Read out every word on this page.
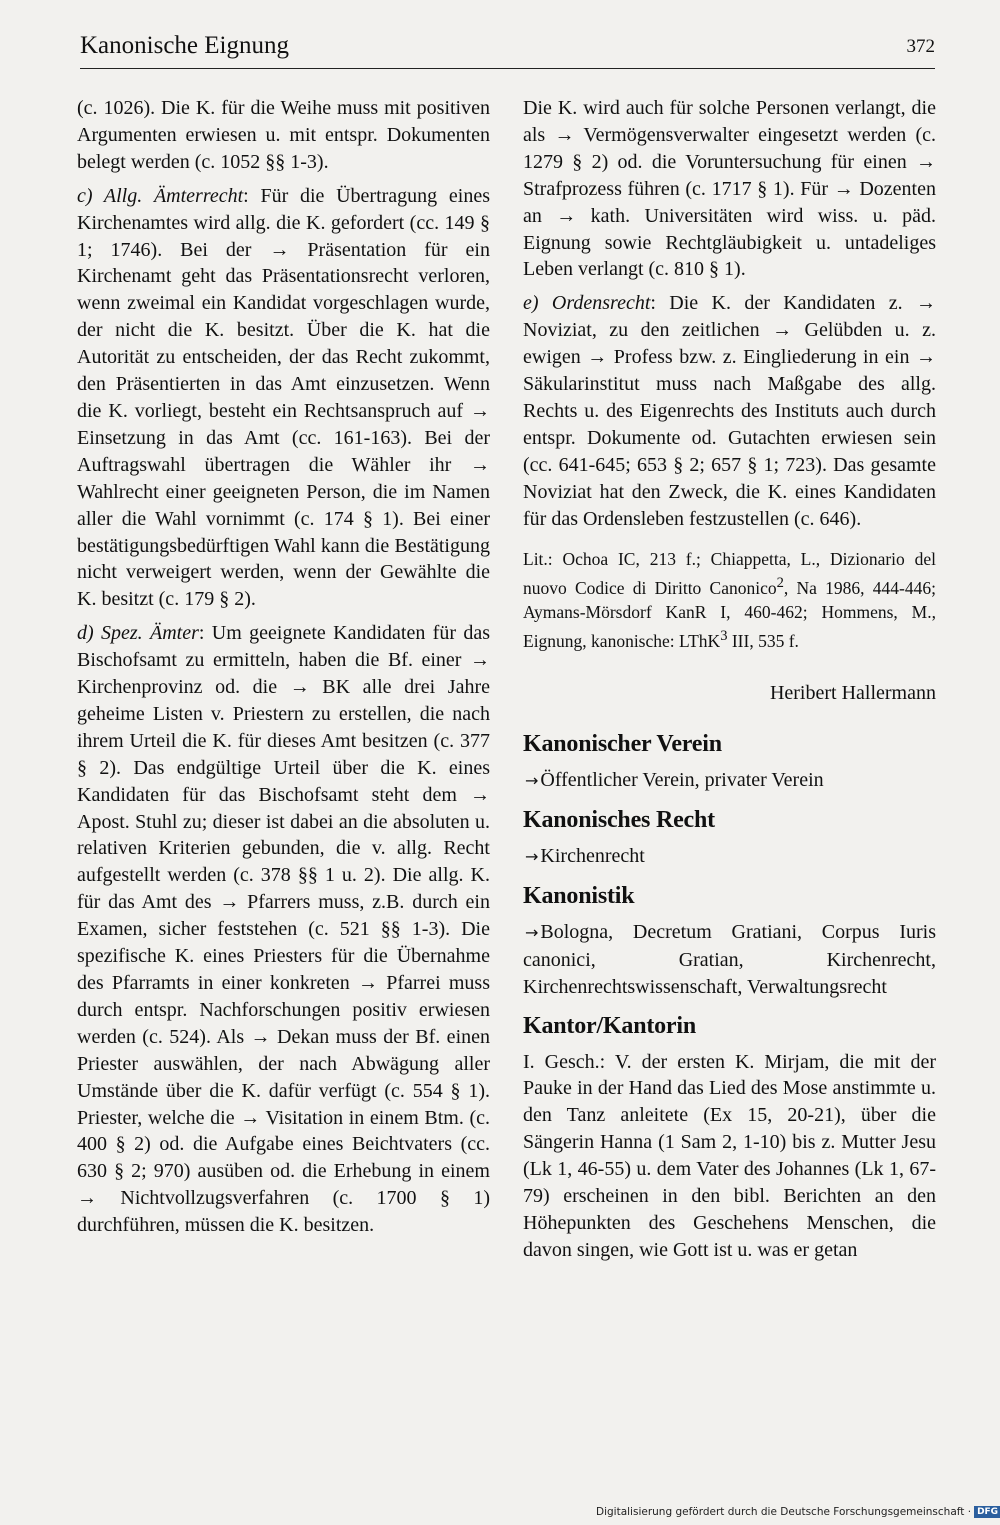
Kanonische Eignung	372

(c. 1026). Die K. für die Weihe muss mit positiven Argumenten erwiesen u. mit entspr. Dokumenten belegt werden (c. 1052 §§ 1-3).

c) Allg. Ämterrecht: Für die Übertragung eines Kirchenamtes wird allg. die K. gefordert (cc. 149 § 1; 1746). Bei der → Präsentation für ein Kirchenamt geht das Präsentationsrecht verloren, wenn zweimal ein Kandidat vorgeschlagen wurde, der nicht die K. besitzt. Über die K. hat die Autorität zu entscheiden, der das Recht zukommt, den Präsentierten in das Amt einzusetzen. Wenn die K. vorliegt, besteht ein Rechtsanspruch auf → Einsetzung in das Amt (cc. 161-163). Bei der Auftragswahl übertragen die Wähler ihr → Wahlrecht einer geeigneten Person, die im Namen aller die Wahl vornimmt (c. 174 § 1). Bei einer bestätigungsbedürftigen Wahl kann die Bestätigung nicht verweigert werden, wenn der Gewählte die K. besitzt (c. 179 § 2).

d) Spez. Ämter: Um geeignete Kandidaten für das Bischofsamt zu ermitteln, haben die Bf. einer → Kirchenprovinz od. die → BK alle drei Jahre geheime Listen v. Priestern zu erstellen, die nach ihrem Urteil die K. für dieses Amt besitzen (c. 377 § 2). Das endgültige Urteil über die K. eines Kandidaten für das Bischofsamt steht dem → Apost. Stuhl zu; dieser ist dabei an die absoluten u. relativen Kriterien gebunden, die v. allg. Recht aufgestellt werden (c. 378 §§ 1 u. 2). Die allg. K. für das Amt des → Pfarrers muss, z.B. durch ein Examen, sicher feststehen (c. 521 §§ 1-3). Die spezifische K. eines Priesters für die Übernahme des Pfarramts in einer konkreten → Pfarrei muss durch entspr. Nachforschungen positiv erwiesen werden (c. 524). Als → Dekan muss der Bf. einen Priester auswählen, der nach Abwägung aller Umstände über die K. dafür verfügt (c. 554 § 1). Priester, welche die → Visitation in einem Btm. (c. 400 § 2) od. die Aufgabe eines Beichtvaters (cc. 630 § 2; 970) ausüben od. die Erhebung in einem → Nichtvollzugsverfahren (c. 1700 § 1) durchführen, müssen die K. besitzen.

Die K. wird auch für solche Personen verlangt, die als → Vermögensverwalter eingesetzt werden (c. 1279 § 2) od. die Voruntersuchung für einen → Strafprozess führen (c. 1717 § 1). Für → Dozenten an → kath. Universitäten wird wiss. u. päd. Eignung sowie Rechtgläubigkeit u. untadeliges Leben verlangt (c. 810 § 1).

e) Ordensrecht: Die K. der Kandidaten z. → Noviziat, zu den zeitlichen → Gelübden u. z. ewigen → Profess bzw. z. Eingliederung in ein → Säkularinstitut muss nach Maßgabe des allg. Rechts u. des Eigenrechts des Instituts auch durch entspr. Dokumente od. Gutachten erwiesen sein (cc. 641-645; 653 § 2; 657 § 1; 723). Das gesamte Noviziat hat den Zweck, die K. eines Kandidaten für das Ordensleben festzustellen (c. 646).

Lit.: Ochoa IC, 213 f.; Chiappetta, L., Dizionario del nuovo Codice di Diritto Canonico$^2$, Na 1986, 444-446; Aymans-Mörsdorf KanR I, 460-462; Hommens, M., Eignung, kanonische: LThK$^3$ III, 535 f.

Heribert Hallermann

Kanonischer Verein

→ Öffentlicher Verein, privater Verein

Kanonisches Recht

→ Kirchenrecht

Kanonistik

→ Bologna, Decretum Gratiani, Corpus Iuris canonici, Gratian, Kirchenrecht, Kirchenrechtswissenschaft, Verwaltungsrecht

Kantor/Kantorin

I. Gesch.: V. der ersten K. Mirjam, die mit der Pauke in der Hand das Lied des Mose anstimmte u. den Tanz anleitete (Ex 15, 20-21), über die Sängerin Hanna (1 Sam 2, 1-10) bis z. Mutter Jesu (Lk 1, 46-55) u. dem Vater des Johannes (Lk 1, 67-79) erscheinen in den bibl. Berichten an den Höhepunkten des Geschehens Menschen, die davon singen, wie Gott ist u. was er getan

Digitalisierung gefördert durch die Deutsche Forschungsgemeinschaft · DFG
